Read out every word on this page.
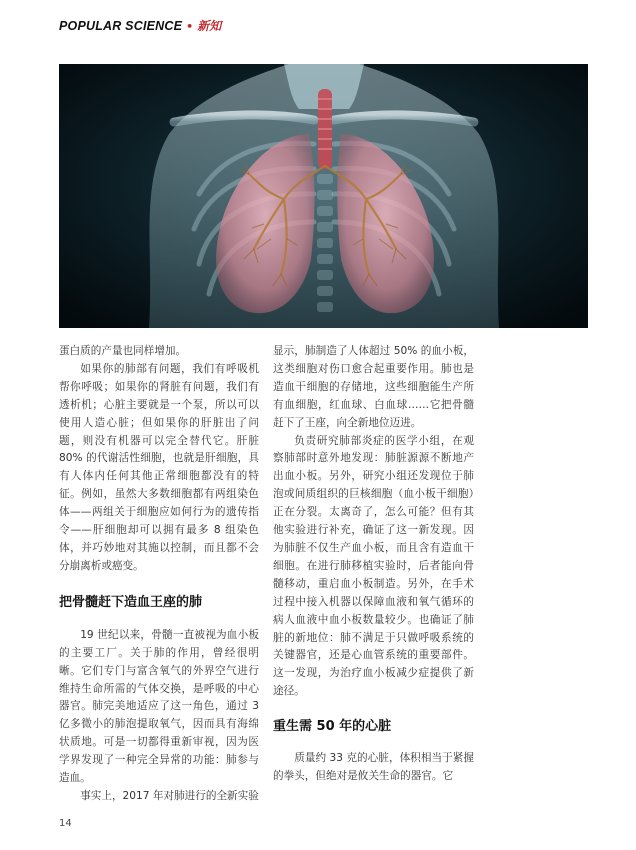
POPULAR SCIENCE • 新知

蛋白质的产量也同样增加。

如果你的肺部有问题，我们有呼吸机帮你呼吸；如果你的肾脏有问题，我们有透析机；心脏主要就是一个泵，所以可以使用人造心脏；但如果你的肝脏出了问题，则没有机器可以完全替代它。肝脏 80% 的代谢活性细胞，也就是肝细胞，具有人体内任何其他正常细胞都没有的特征。例如，虽然大多数细胞都有两组染色体——两组关于细胞应如何行为的遗传指令——肝细胞却可以拥有最多 8 组染色体，并巧妙地对其施以控制，而且都不会分崩离析或癌变。

把骨髓赶下造血王座的肺

19 世纪以来，骨髓一直被视为血小板的主要工厂。关于肺的作用，曾经很明晰。它们专门与富含氧气的外界空气进行维持生命所需的气体交换，是呼吸的中心器官。肺完美地适应了这一角色，通过 3 亿多微小的肺泡提取氧气，因而具有海绵状质地。可是一切都得重新审视，因为医学界发现了一种完全异常的功能：肺参与造血。

事实上，2017 年对肺进行的全新实验

显示，肺制造了人体超过 50% 的血小板，这类细胞对伤口愈合起重要作用。肺也是造血干细胞的存储地，这些细胞能生产所有血细胞，红血球、白血球……它把骨髓赶下了王座，向全新地位迈进。

负责研究肺部炎症的医学小组，在观察肺部时意外地发现：肺脏源源不断地产出血小板。另外，研究小组还发现位于肺泡或间质组织的巨核细胞（血小板干细胞）正在分裂。太离奇了，怎么可能？但有其他实验进行补充，确证了这一新发现。因为肺脏不仅生产血小板，而且含有造血干细胞。在进行肺移植实验时，后者能向骨髓移动，重启血小板制造。另外，在手术过程中接入机器以保障血液和氧气循环的病人血液中血小板数量较少。也确证了肺脏的新地位：肺不满足于只做呼吸系统的关键器官，还是心血管系统的重要部件。这一发现，为治疗血小板减少症提供了新途径。

重生需 50 年的心脏

质量约 33 克的心脏，体积相当于紧握的拳头，但绝对是攸关生命的器官。它

14
